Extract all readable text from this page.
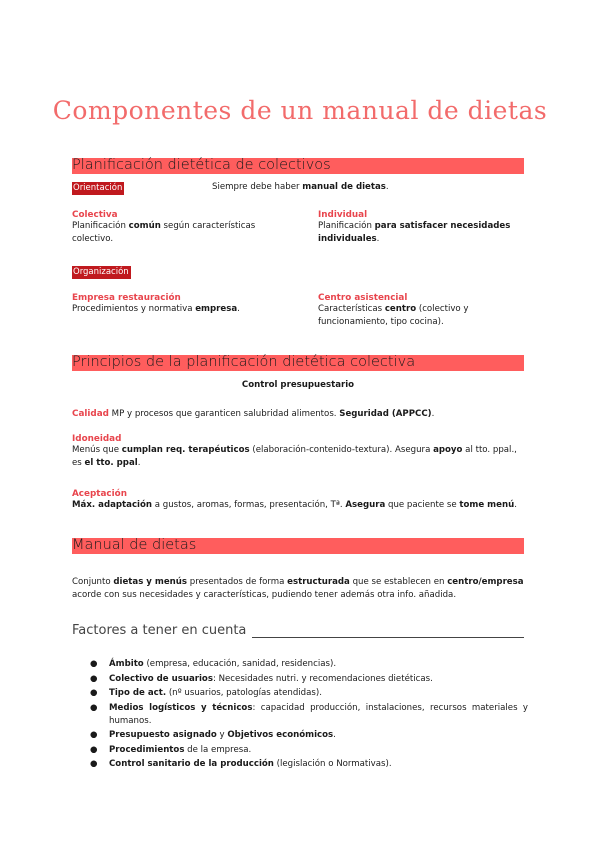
Componentes de un manual de dietas
Planificación dietética de colectivos
Orientación	Siempre debe haber manual de dietas.
Colectiva
Planificación común según características colectivo.
Individual
Planificación para satisfacer necesidades individuales.
Organización
Empresa restauración
Procedimientos y normativa empresa.
Centro asistencial
Características centro (colectivo y funcionamiento, tipo cocina).
Principios de la planificación dietética colectiva
Control presupuestario
Calidad MP y procesos que garanticen salubridad alimentos. Seguridad (APPCC).
Idoneidad
Menús que cumplan req. terapéuticos (elaboración-contenido-textura). Asegura apoyo al tto. ppal., es el tto. ppal.
Aceptación
Máx. adaptación a gustos, aromas, formas, presentación, Tª. Asegura que paciente se tome menú.
Manual de dietas
Conjunto dietas y menús presentados de forma estructurada que se establecen en centro/empresa acorde con sus necesidades y características, pudiendo tener además otra info. añadida.
Factores a tener en cuenta
● Ámbito (empresa, educación, sanidad, residencias).
● Colectivo de usuarios: Necesidades nutri. y recomendaciones dietéticas.
● Tipo de act. (nº usuarios, patologías atendidas).
● Medios logísticos y técnicos: capacidad producción, instalaciones, recursos materiales y humanos.
● Presupuesto asignado y Objetivos económicos.
● Procedimientos de la empresa.
● Control sanitario de la producción (legislación o Normativas).
